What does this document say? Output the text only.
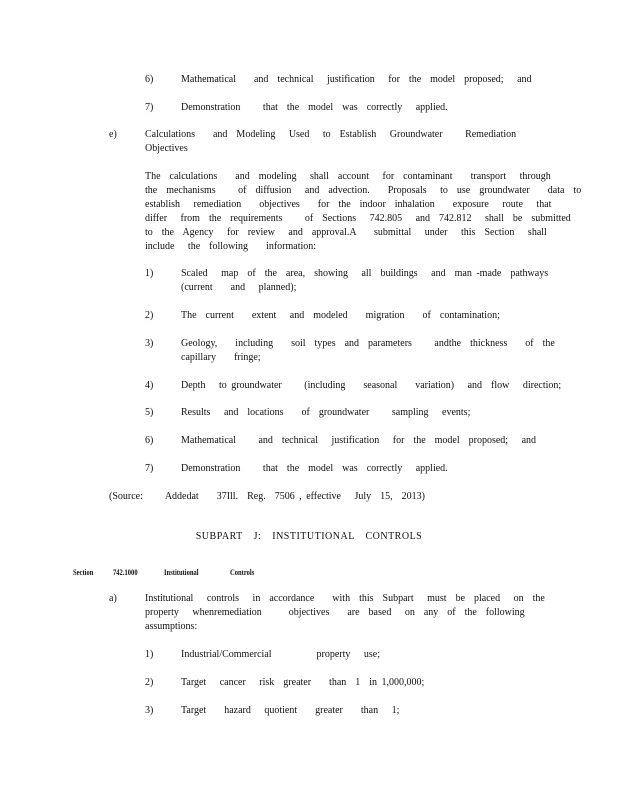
6)	Mathematical    and  technical   justification   for  the  model  proposed;   and
7)	Demonstration     that  the  model  was  correctly   applied.
e)	Calculations    and  Modeling   Used   to  Establish   Groundwater     Remediation
Objectives
The  calculations    and  modeling   shall  account   for  contaminant    transport   through
the  mechanisms     of  diffusion   and  advection.    Proposals   to  use  groundwater    data  to
establish   remediation    objectives    for  the  indoor  inhalation    exposure   route   that
differ   from  the  requirements     of  Sections   742.805   and  742.812   shall  be  submitted
to  the  Agency   for  review   and  approval.A    submittal   under   this  Section   shall
include   the  following    information:
1)	Scaled   map  of  the  area,  showing   all  buildings   and  man -made  pathways
(current    and   planned);
2)	The  current    extent   and  modeled    migration    of  contamination;
3)	Geology,    including    soil  types  and  parameters     andthe  thickness    of  the
capillary    fringe;
4)	Depth   to groundwater     (including    seasonal    variation)   and  flow   direction;
5)	Results   and  locations    of  groundwater     sampling   events;
6)	Mathematical     and  technical   justification   for  the  model  proposed;   and
7)	Demonstration     that  the  model  was  correctly   applied.
(Source:     Addedat    37Ill.  Reg.  7506 , effective   July  15,  2013)
SUBPART J: INSTITUTIONAL CONTROLS
Section 742.1000	Institutional	Controls
a)	Institutional   controls   in  accordance    with  this  Subpart   must  be  placed   on  the
property   whenremediation      objectives    are  based   on  any  of  the  following
assumptions:
1)	Industrial/Commercial          property   use;
2)	Target   cancer   risk  greater    than  1  in 1,000,000;
3)	Target    hazard   quotient    greater    than   1;
